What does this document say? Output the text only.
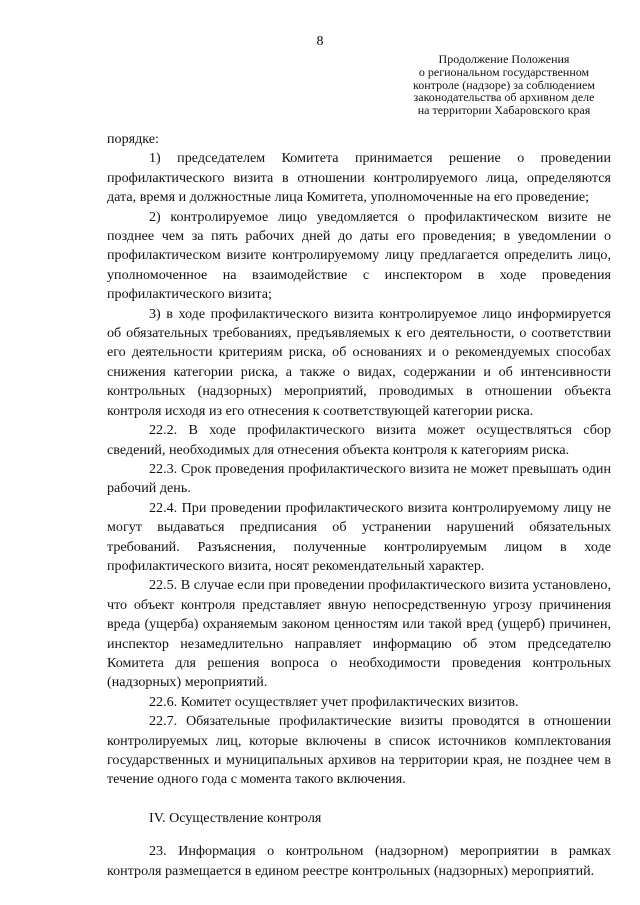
8
Продолжение Положения
о региональном государственном
контроле (надзоре) за соблюдением
законодательства об архивном деле
на территории Хабаровского края

порядке:

1) председателем Комитета принимается решение о проведении профилактического визита в отношении контролируемого лица, определяются дата, время и должностные лица Комитета, уполномоченные на его проведение;

2) контролируемое лицо уведомляется о профилактическом визите не позднее чем за пять рабочих дней до даты его проведения; в уведомлении о профилактическом визите контролируемому лицу предлагается определить лицо, уполномоченное на взаимодействие с инспектором в ходе проведения профилактического визита;

3) в ходе профилактического визита контролируемое лицо информируется об обязательных требованиях, предъявляемых к его деятельности, о соответствии его деятельности критериям риска, об основаниях и о рекомендуемых способах снижения категории риска, а также о видах, содержании и об интенсивности контрольных (надзорных) мероприятий, проводимых в отношении объекта контроля исходя из его отнесения к соответствующей категории риска.

22.2. В ходе профилактического визита может осуществляться сбор сведений, необходимых для отнесения объекта контроля к категориям риска.

22.3. Срок проведения профилактического визита не может превышать один рабочий день.

22.4. При проведении профилактического визита контролируемому лицу не могут выдаваться предписания об устранении нарушений обязательных требований. Разъяснения, полученные контролируемым лицом в ходе профилактического визита, носят рекомендательный характер.

22.5. В случае если при проведении профилактического визита установлено, что объект контроля представляет явную непосредственную угрозу причинения вреда (ущерба) охраняемым законом ценностям или такой вред (ущерб) причинен, инспектор незамедлительно направляет информацию об этом председателю Комитета для решения вопроса о необходимости проведения контрольных (надзорных) мероприятий.

22.6. Комитет осуществляет учет профилактических визитов.

22.7. Обязательные профилактические визиты проводятся в отношении контролируемых лиц, которые включены в список источников комплектования государственных и муниципальных архивов на территории края, не позднее чем в течение одного года с момента такого включения.

IV. Осуществление контроля

23. Информация о контрольном (надзорном) мероприятии в рамках контроля размещается в едином реестре контрольных (надзорных) мероприятий.
